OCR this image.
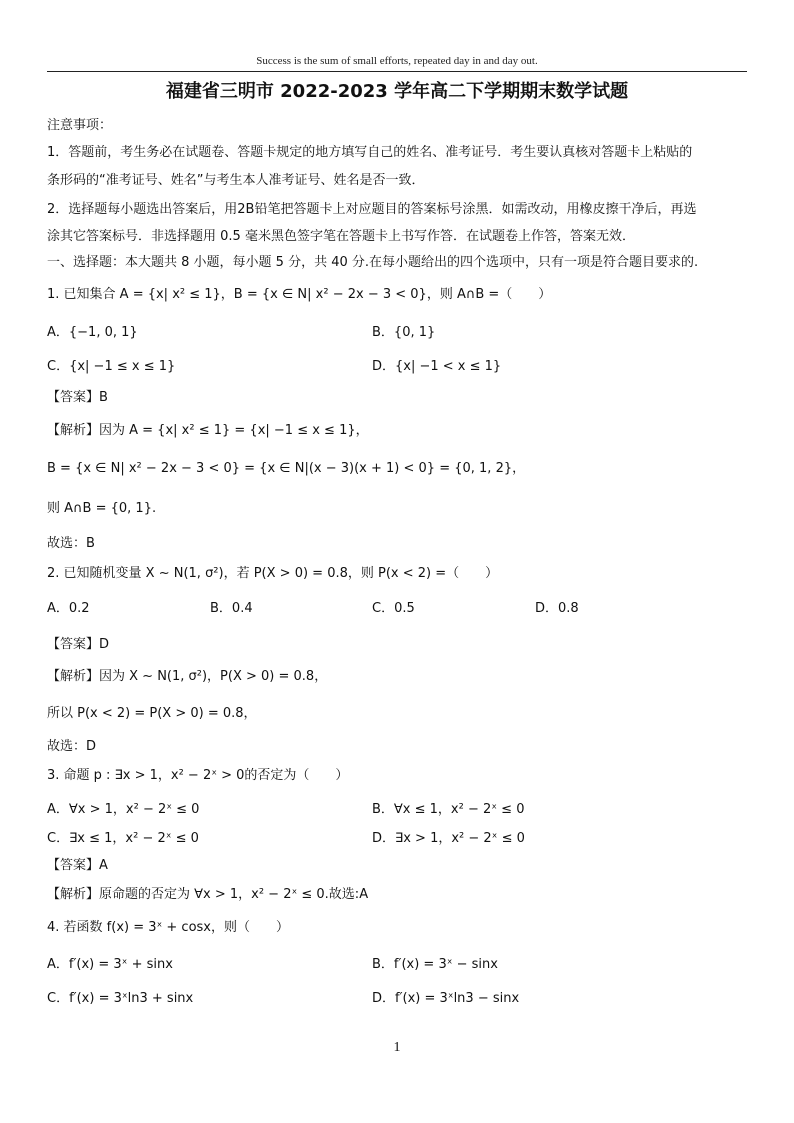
Success is the sum of small efforts, repeated day in and day out.
福建省三明市 2022-2023 学年高二下学期期末数学试题
注意事项：
1．答题前，考生务必在试题卷、答题卡规定的地方填写自己的姓名、准考证号．考生要认真核对答题卡上粘贴的
条形码的“准考证号、姓名”与考生本人准考证号、姓名是否一致．
2．选择题每小题选出答案后，用2B铅笔把答题卡上对应题目的答案标号涂黑．如需改动，用橡皮擦干净后，再选
涂其它答案标号．非选择题用 0.5 毫米黑色签字笔在答题卡上书写作答．在试题卷上作答，答案无效．
一、选择题：本大题共 8 小题，每小题 5 分，共 40 分.在每小题给出的四个选项中，只有一项是符合题目要求的.
1. 已知集合 A = {x| x² ≤ 1}，B = {x ∈ N| x² − 2x − 3 < 0}，则 A∩B =（　　）
A．{−1, 0, 1}	B．{0, 1}
C．{x| −1 ≤ x ≤ 1}	D．{x| −1 < x ≤ 1}
【答案】B
【解析】因为 A = {x| x² ≤ 1} = {x| −1 ≤ x ≤ 1}，
B = {x ∈ N| x² − 2x − 3 < 0} = {x ∈ N|(x − 3)(x + 1) < 0} = {0, 1, 2}，
则 A∩B = {0, 1}.
故选：B
2. 已知随机变量 X ~ N(1, σ²)，若 P(X > 0) = 0.8，则 P(x < 2) =（　　）
A．0.2	B．0.4	C．0.5	D．0.8
【答案】D
【解析】因为 X ~ N(1, σ²)，P(X > 0) = 0.8，
所以 P(x < 2) = P(X > 0) = 0.8，
故选：D
3. 命题 p : ∃x > 1，x² − 2ˣ > 0的否定为（　　）
A．∀x > 1，x² − 2ˣ ≤ 0	B．∀x ≤ 1，x² − 2ˣ ≤ 0
C．∃x ≤ 1，x² − 2ˣ ≤ 0	D．∃x > 1，x² − 2ˣ ≤ 0
【答案】A
【解析】原命题的否定为 ∀x > 1，x² − 2ˣ ≤ 0.故选:A
4. 若函数 f(x) = 3ˣ + cosx，则（　　）
A．f′(x) = 3ˣ + sinx	B．f′(x) = 3ˣ − sinx
C．f′(x) = 3ˣln3 + sinx	D．f′(x) = 3ˣln3 − sinx
1
